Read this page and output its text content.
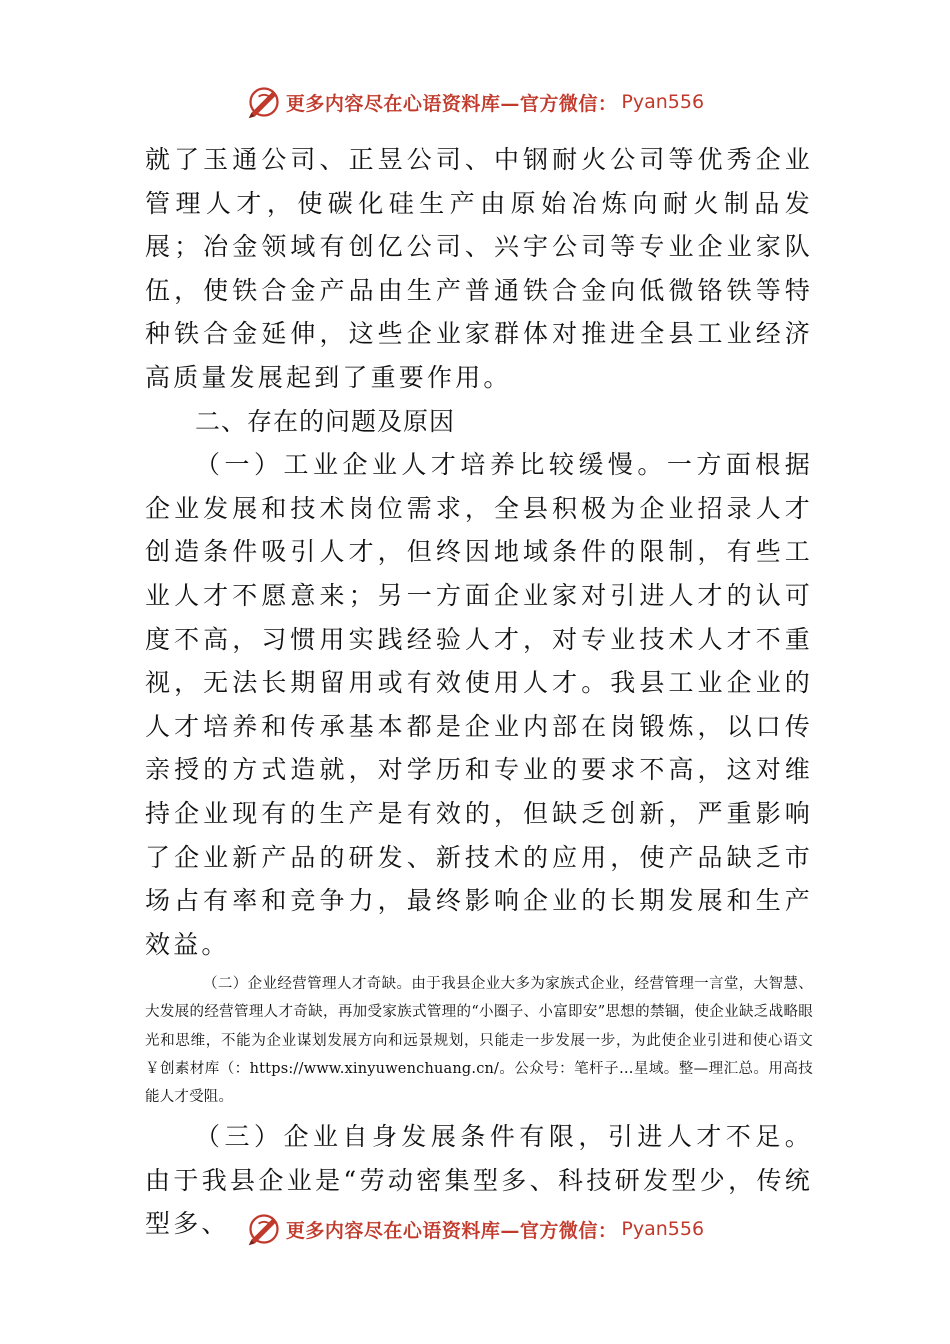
更多内容尽在心语资料库—官方微信： Pyan556

就了玉通公司、正昱公司、中钢耐火公司等优秀企业管理人才，使碳化硅生产由原始冶炼向耐火制品发展；冶金领域有创亿公司、兴宇公司等专业企业家队伍，使铁合金产品由生产普通铁合金向低微铬铁等特种铁合金延伸，这些企业家群体对推进全县工业经济高质量发展起到了重要作用。

二、存在的问题及原因

（一）工业企业人才培养比较缓慢。一方面根据企业发展和技术岗位需求，全县积极为企业招录人才创造条件吸引人才，但终因地域条件的限制，有些工业人才不愿意来；另一方面企业家对引进人才的认可度不高，习惯用实践经验人才，对专业技术人才不重视，无法长期留用或有效使用人才。我县工业企业的人才培养和传承基本都是企业内部在岗锻炼，以口传亲授的方式造就，对学历和专业的要求不高，这对维持企业现有的生产是有效的，但缺乏创新，严重影响了企业新产品的研发、新技术的应用，使产品缺乏市场占有率和竞争力，最终影响企业的长期发展和生产效益。

（二）企业经营管理人才奇缺。由于我县企业大多为家族式企业，经营管理一言堂，大智慧、大发展的经营管理人才奇缺，再加受家族式管理的“小圈子、小富即安”思想的禁锢，使企业缺乏战略眼光和思维，不能为企业谋划发展方向和远景规划，只能走一步发展一步，为此使企业引进和使心语文￥创素材库（：https://www.xinyuwenchuang.cn/。公众号：笔杆子…星域。整—理汇总。用高技能人才受阻。

（三）企业自身发展条件有限，引进人才不足。由于我县企业是“劳动密集型多、科技研发型少，传统型多、	更多内容尽在心语资料库—官方微信： Pyan556
